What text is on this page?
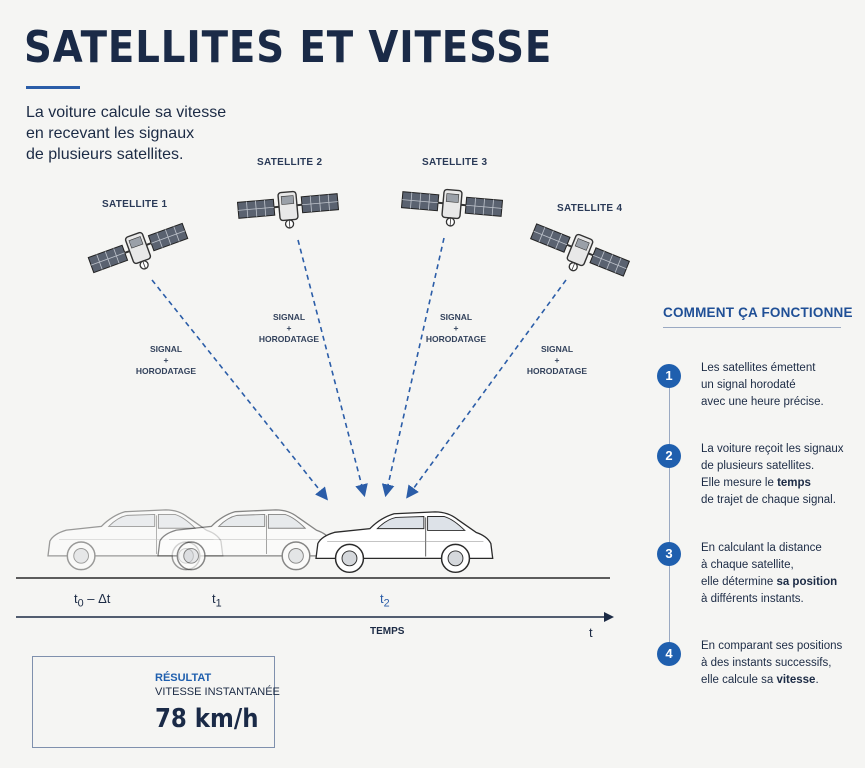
SATELLITES ET VITESSE
La voiture calcule sa vitesse
en recevant les signaux
de plusieurs satellites.
SATELLITE 1
SATELLITE 2	SATELLITE 3
SATELLITE 4
SIGNAL
+
HORODATAGE
SIGNAL
+
HORODATAGE
SIGNAL
+
HORODATAGE
SIGNAL
+
HORODATAGE
$t_0$ – Δt	$t_1$	$t_2$
TEMPS	t
COMMENT ÇA FONCTIONNE
1	Les satellites émettent
un signal horodaté
avec une heure précise.
2	La voiture reçoit les signaux
de plusieurs satellites.
Elle mesure le temps
de trajet de chaque signal.
3	En calculant la distance
à chaque satellite,
elle détermine sa position
à différents instants.
4	En comparant ses positions
à des instants successifs,
elle calcule sa vitesse.
RÉSULTAT
VITESSE INSTANTANÉE
78 km/h
